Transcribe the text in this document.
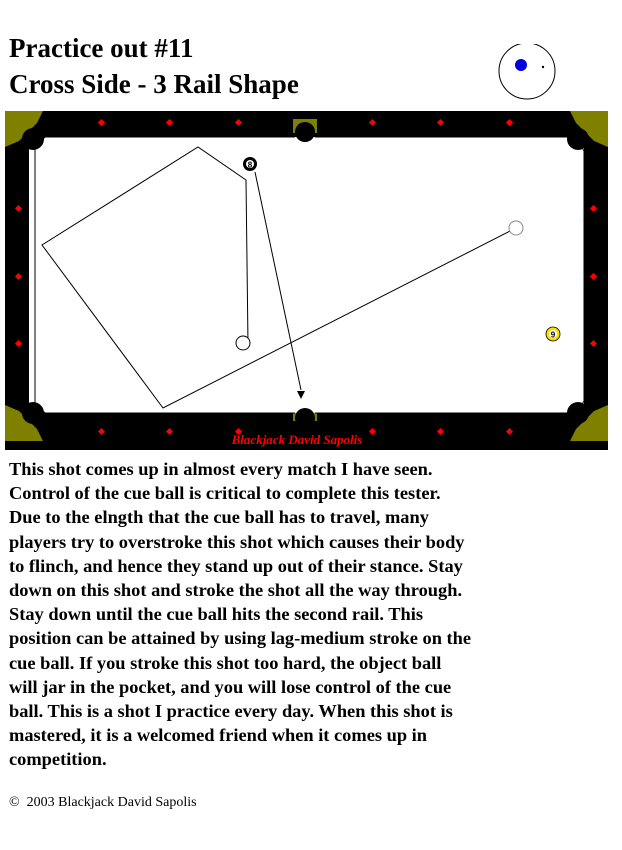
Practice out #11
Cross Side - 3 Rail Shape
8
9
Blackjack David Sapolis
This shot comes up in almost every match I have seen.
Control of the cue ball is critical to complete this tester.
Due to the elngth that the cue ball has to travel, many
players try to overstroke this shot which causes their body
to flinch, and hence they stand up out of their stance. Stay
down on this shot and stroke the shot all the way through.
Stay down until the cue ball hits the second rail. This
position can be attained by using lag-medium stroke on the
cue ball. If you stroke this shot too hard, the object ball
will jar in the pocket, and you will lose control of the cue
ball. This is a shot I practice every day. When this shot is
mastered, it is a welcomed friend when it comes up in
competition.
© 2003 Blackjack David Sapolis
